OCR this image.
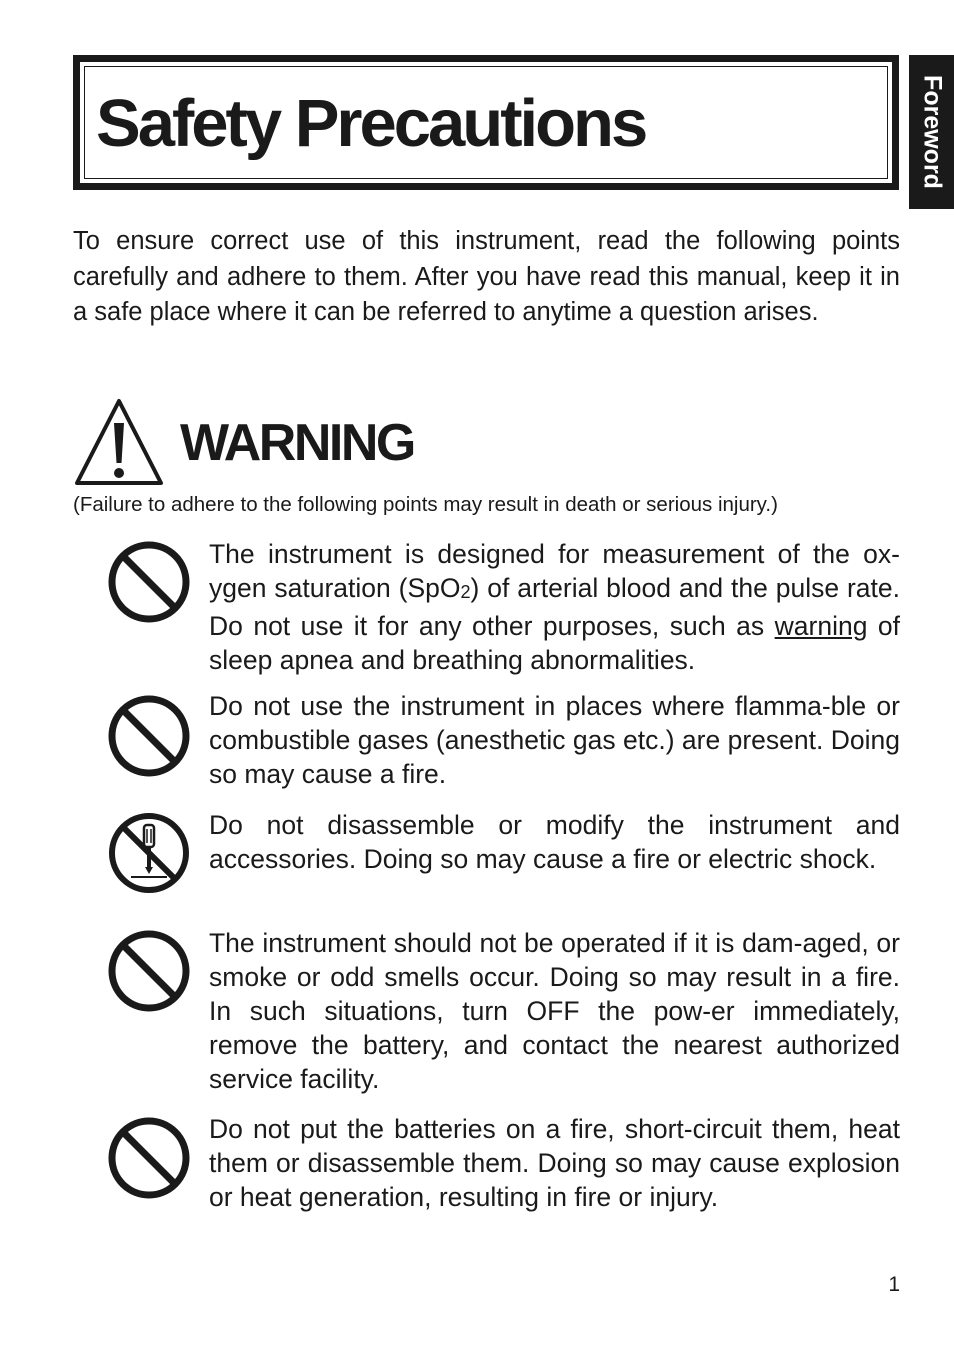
Safety Precautions	Foreword

To ensure correct use of this instrument, read the following points carefully and adhere to them. After you have read this manual, keep it in a safe place where it can be referred to anytime a question arises.

WARNING

(Failure to adhere to the following points may result in death or serious injury.)

The instrument is designed for measurement of the ox-ygen saturation (SpO$_2$) of arterial blood and the pulse rate. Do not use it for any other purposes, such as warning of sleep apnea and breathing abnormalities.

Do not use the instrument in places where flamma-ble or combustible gases (anesthetic gas etc.) are present. Doing so may cause a fire.

Do not disassemble or modify the instrument and accessories. Doing so may cause a fire or electric shock.

The instrument should not be operated if it is dam-aged, or smoke or odd smells occur. Doing so may result in a fire. In such situations, turn OFF the pow-er immediately, remove the battery, and contact the nearest authorized service facility.

Do not put the batteries on a fire, short-circuit them, heat them or disassemble them. Doing so may cause explosion or heat generation, resulting in fire or injury.

1
